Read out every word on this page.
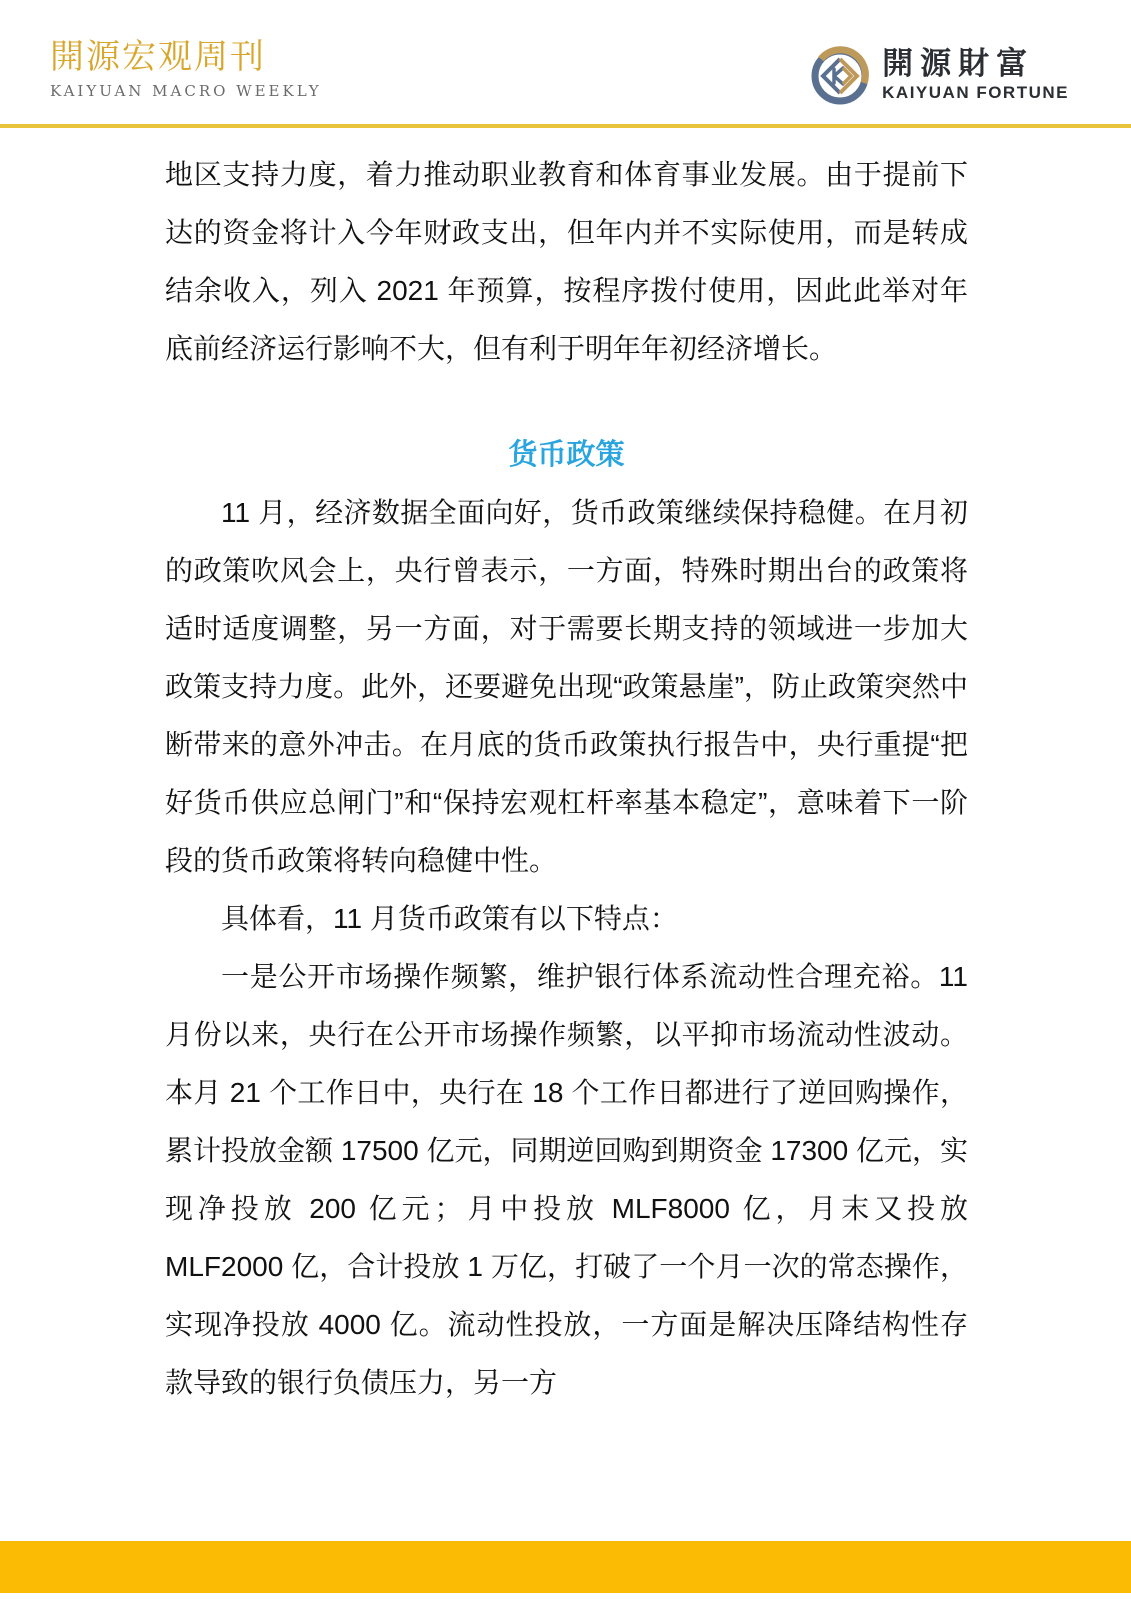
開源宏观周刊
KAIYUAN MACRO WEEKLY
開源財富
KAIYUAN FORTUNE

地区支持力度，着力推动职业教育和体育事业发展。由于提前下达的资金将计入今年财政支出，但年内并不实际使用，而是转成结余收入，列入 2021 年预算，按程序拨付使用，因此此举对年底前经济运行影响不大，但有利于明年年初经济增长。

货币政策

11 月，经济数据全面向好，货币政策继续保持稳健。在月初的政策吹风会上，央行曾表示，一方面，特殊时期出台的政策将适时适度调整，另一方面，对于需要长期支持的领域进一步加大政策支持力度。此外，还要避免出现“政策悬崖”，防止政策突然中断带来的意外冲击。在月底的货币政策执行报告中，央行重提“把好货币供应总闸门”和“保持宏观杠杆率基本稳定”，意味着下一阶段的货币政策将转向稳健中性。

具体看，11 月货币政策有以下特点：

一是公开市场操作频繁，维护银行体系流动性合理充裕。11 月份以来，央行在公开市场操作频繁，以平抑市场流动性波动。本月 21 个工作日中，央行在 18 个工作日都进行了逆回购操作，累计投放金额 17500 亿元，同期逆回购到期资金 17300 亿元，实现净投放 200 亿元；月中投放 MLF8000 亿，月末又投放 MLF2000 亿，合计投放 1 万亿，打破了一个月一次的常态操作，实现净投放 4000 亿。流动性投放，一方面是解决压降结构性存款导致的银行负债压力，另一方
